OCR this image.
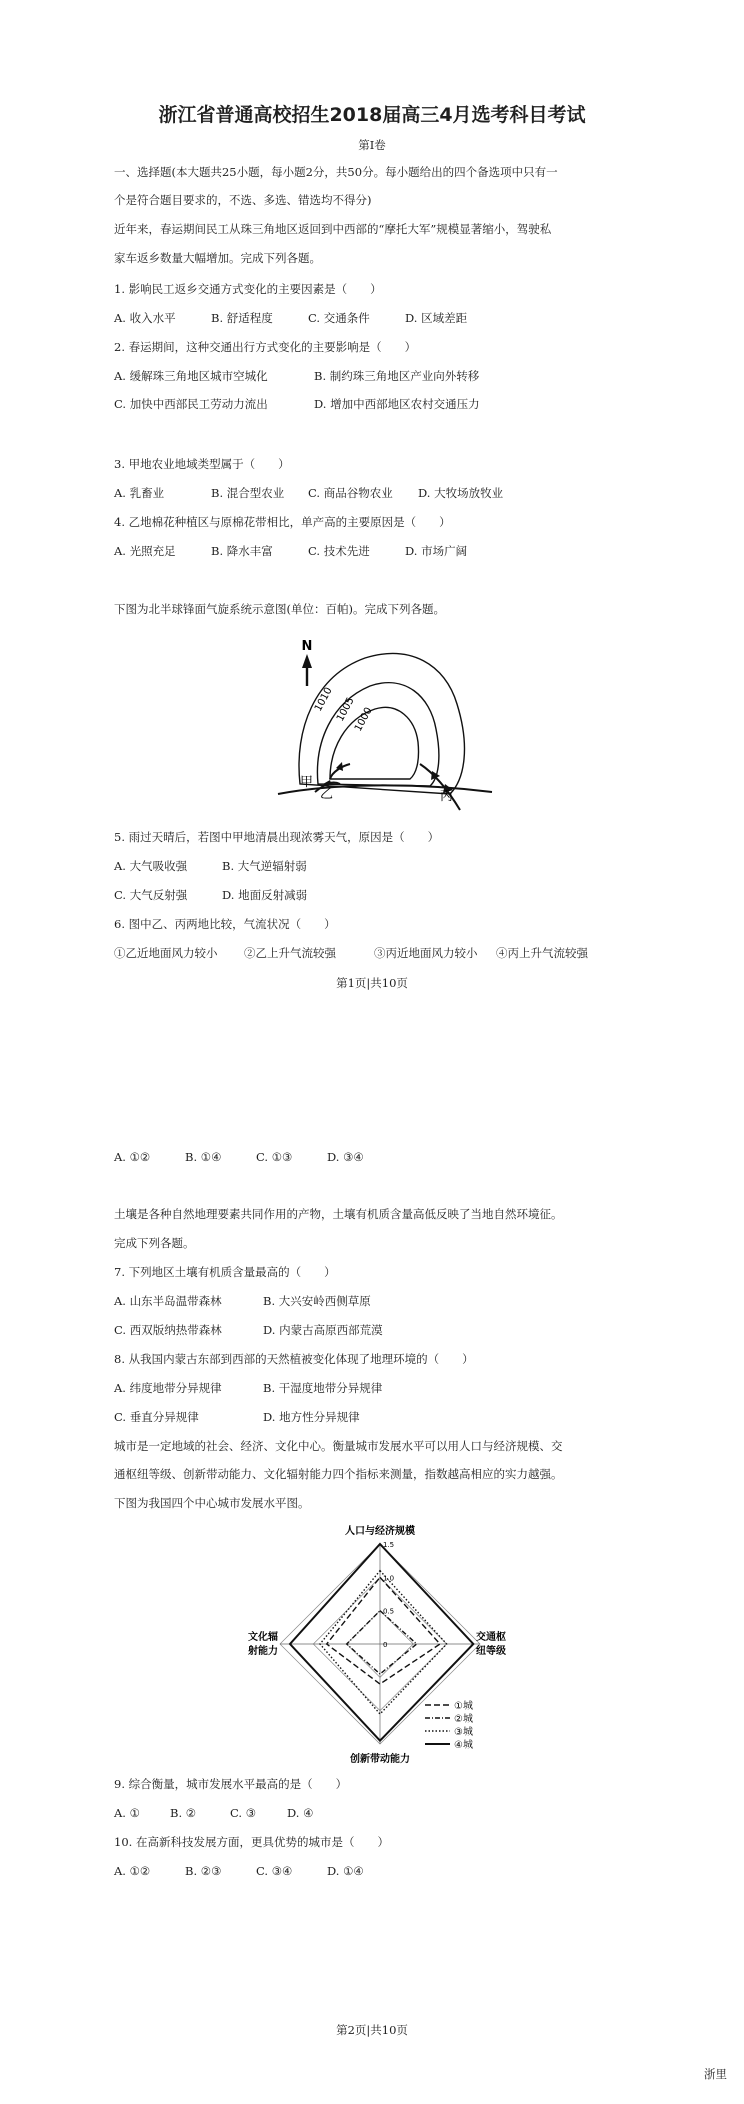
浙江省普通高校招生2018届高三4月选考科目考试
第Ⅰ卷
一、选择题(本大题共25小题，每小题2分，共50分。每小题给出的四个备选项中只有一
个是符合题目要求的，不选、多选、错选均不得分)
近年来，春运期间民工从珠三角地区返回到中西部的“摩托大军”规模显著缩小，驾驶私
家车返乡数量大幅增加。完成下列各题。
1. 影响民工返乡交通方式变化的主要因素是（　　）
A. 收入水平	B. 舒适程度	C. 交通条件	D. 区域差距
2. 春运期间，这种交通出行方式变化的主要影响是（　　）
A. 缓解珠三角地区城市空城化	B. 制约珠三角地区产业向外转移
C. 加快中西部民工劳动力流出	D. 增加中西部地区农村交通压力
3. 甲地农业地域类型属于（　　）
A. 乳畜业	B. 混合型农业 C. 商品谷物农业 D. 大牧场放牧业
4. 乙地棉花种植区与原棉花带相比，单产高的主要原因是（　　）
A. 光照充足	B. 降水丰富	C. 技术先进	D. 市场广阔
下图为北半球锋面气旋系统示意图(单位：百帕)。完成下列各题。
N
1010 1005
1000
甲
乙	丙
5. 雨过天晴后，若图中甲地清晨出现浓雾天气，原因是（　　）
A. 大气吸收强	B. 大气逆辐射弱
C. 大气反射强	D. 地面反射减弱
6. 图中乙、丙两地比较，气流状况（　　）
①乙近地面风力较小 ②乙上升气流较强	③丙近地面风力较小 ④丙上升气流较强
第1页|共10页
A. ①②	B. ①④	C. ①③	D. ③④
土壤是各种自然地理要素共同作用的产物，土壤有机质含量高低反映了当地自然环境征。
完成下列各题。
7. 下列地区土壤有机质含量最高的（　　）
A. 山东半岛温带森林	B. 大兴安岭西侧草原
C. 西双版纳热带森林	D. 内蒙古高原西部荒漠
8. 从我国内蒙古东部到西部的天然植被变化体现了地理环境的（　　）
A. 纬度地带分异规律	B. 干湿度地带分异规律
C. 垂直分异规律	D. 地方性分异规律
城市是一定地域的社会、经济、文化中心。衡量城市发展水平可以用人口与经济规模、交
通枢纽等级、创新带动能力、文化辐射能力四个指标来测量，指数越高相应的实力越强。
下图为我国四个中心城市发展水平图。
1.5
1.0
0.5
0
人口与经济规模
交通枢
纽等级
创新带动能力
文化辐
射能力
①城
②城
③城
④城
9. 综合衡量，城市发展水平最高的是（　　）
A. ①	B. ②	C. ③	D. ④
10. 在高新科技发展方面，更具优势的城市是（　　）
A. ①②	B. ②③	C. ③④	D. ①④
第2页|共10页
浙里
